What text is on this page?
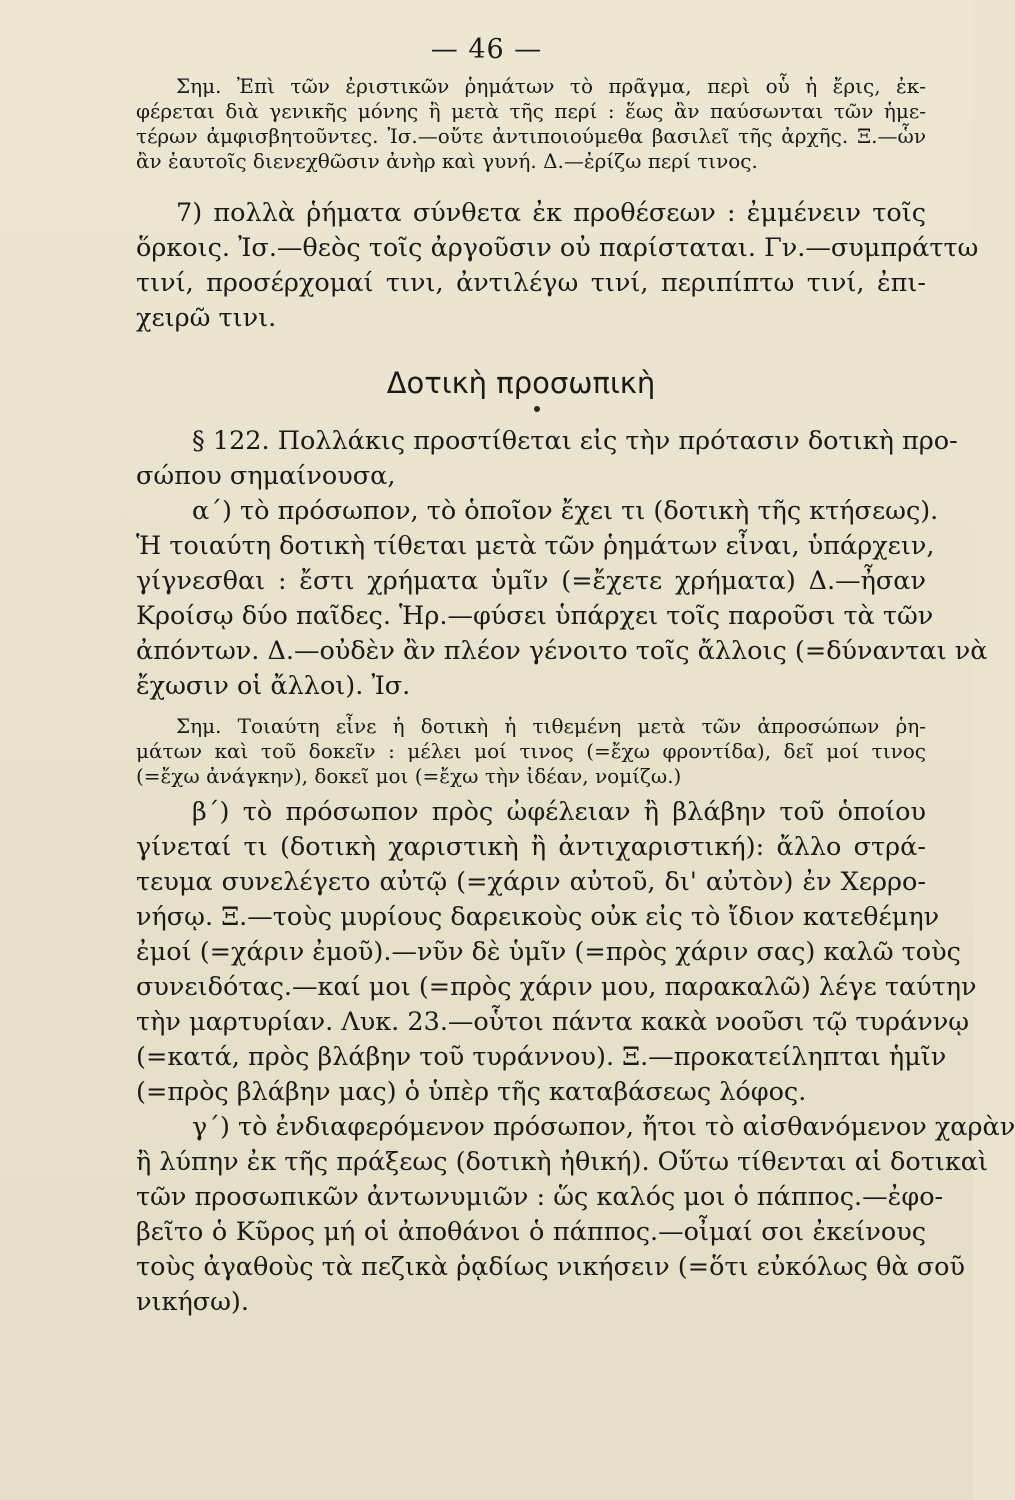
— 46 —
Σημ. Ἐπὶ τῶν ἐριστικῶν ῥημάτων τὸ πρᾶγμα, περὶ οὗ ἡ ἔρις, ἐκ-
φέρεται διὰ γενικῆς μόνης ἢ μετὰ τῆς περί : ἕως ἂν παύσωνται τῶν ἡμε-
τέρων ἀμφισβητοῦντες. Ἰσ.—οὔτε ἀντιποιούμεθα βασιλεῖ τῆς ἀρχῆς. Ξ.—ὧν
ἂν ἑαυτοῖς διενεχθῶσιν ἀνὴρ καὶ γυνή. Δ.—ἐρίζω περί τινος.
7) πολλὰ ῥήματα σύνθετα ἐκ προθέσεων : ἐμμένειν τοῖς
ὅρκοις. Ἰσ.—θεὸς τοῖς ἀργοῦσιν οὐ παρίσταται. Γν.—συμπράττω
τινί, προσέρχομαί τινι, ἀντιλέγω τινί, περιπίπτω τινί, ἐπι-
χειρῶ τινι.
Δοτικὴ προσωπικὴ
§ 122. Πολλάκις προστίθεται εἰς τὴν πρότασιν δοτικὴ προ-
σώπου σημαίνουσα,
α΄) τὸ πρόσωπον, τὸ ὁποῖον ἔχει τι (δοτικὴ τῆς κτήσεως).
Ἡ τοιαύτη δοτικὴ τίθεται μετὰ τῶν ῥημάτων εἶναι, ὑπάρχειν,
γίγνεσθαι : ἔστι χρήματα ὑμῖν (=ἔχετε χρήματα) Δ.—ἦσαν
Κροίσῳ δύο παῖδες. Ἡρ.—φύσει ὑπάρχει τοῖς παροῦσι τὰ τῶν
ἀπόντων. Δ.—οὐδὲν ἂν πλέον γένοιτο τοῖς ἄλλοις (=δύνανται νὰ
ἔχωσιν οἱ ἄλλοι). Ἰσ.
Σημ. Τοιαύτη εἶνε ἡ δοτικὴ ἡ τιθεμένη μετὰ τῶν ἀπροσώπων ῥη-
μάτων καὶ τοῦ δοκεῖν : μέλει μοί τινος (=ἔχω φροντίδα), δεῖ μοί τινος
(=ἔχω ἀνάγκην), δοκεῖ μοι (=ἔχω τὴν ἰδέαν, νομίζω.)
β΄) τὸ πρόσωπον πρὸς ὠφέλειαν ἢ βλάβην τοῦ ὁποίου
γίνεταί τι (δοτικὴ χαριστικὴ ἢ ἀντιχαριστική): ἄλλο στρά-
τευμα συνελέγετο αὐτῷ (=χάριν αὐτοῦ, δι' αὐτὸν) ἐν Χερρο-
νήσῳ. Ξ.—τοὺς μυρίους δαρεικοὺς οὐκ εἰς τὸ ἴδιον κατεθέμην
ἐμοί (=χάριν ἐμοῦ).—νῦν δὲ ὑμῖν (=πρὸς χάριν σας) καλῶ τοὺς
συνειδότας.—καί μοι (=πρὸς χάριν μου, παρακαλῶ) λέγε ταύτην
τὴν μαρτυρίαν. Λυκ. 23.—οὗτοι πάντα κακὰ νοοῦσι τῷ τυράννῳ
(=κατά, πρὸς βλάβην τοῦ τυράννου). Ξ.—προκατείληπται ἡμῖν
(=πρὸς βλάβην μας) ὁ ὑπὲρ τῆς καταβάσεως λόφος.
γ΄) τὸ ἐνδιαφερόμενον πρόσωπον, ἤτοι τὸ αἰσθανόμενον χαρὰν
ἢ λύπην ἐκ τῆς πράξεως (δοτικὴ ἠθική). Οὕτω τίθενται αἱ δοτικαὶ
τῶν προσωπικῶν ἀντωνυμιῶν : ὥς καλός μοι ὁ πάππος.—ἐφο-
βεῖτο ὁ Κῦρος μή οἱ ἀποθάνοι ὁ πάππος.—οἶμαί σοι ἐκείνους
τοὺς ἀγαθοὺς τὰ πεζικὰ ῥᾳδίως νικήσειν (=ὅτι εὐκόλως θὰ σοῦ
νικήσω).
